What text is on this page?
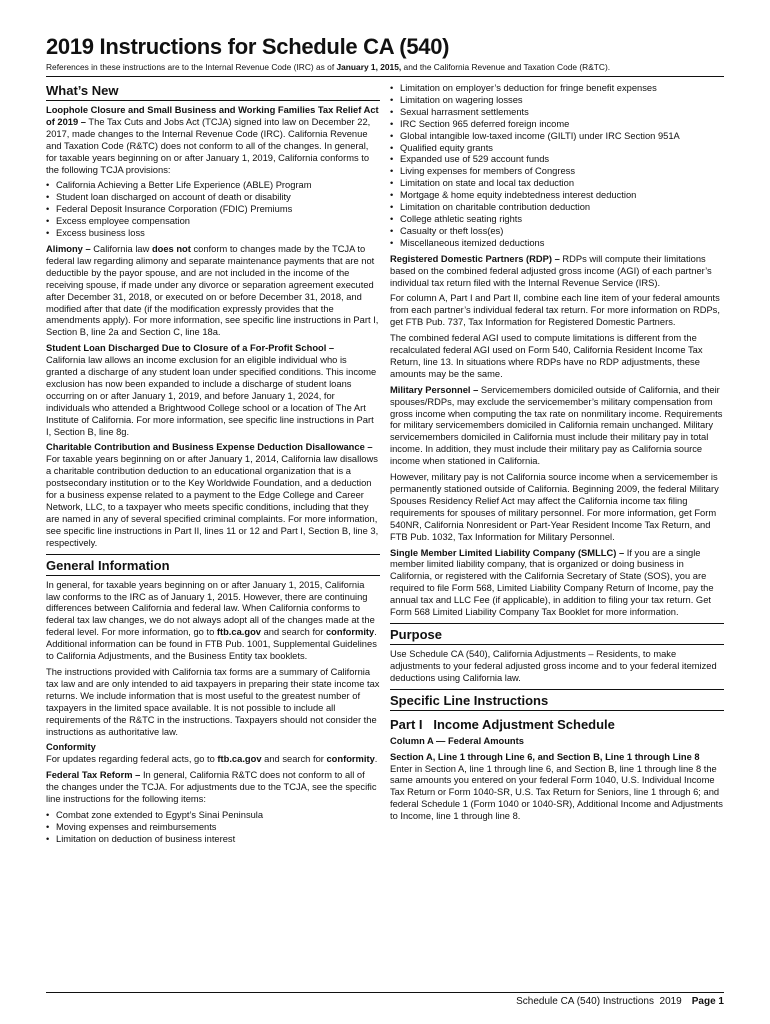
2019 Instructions for Schedule CA (540)
References in these instructions are to the Internal Revenue Code (IRC) as of January 1, 2015, and the California Revenue and Taxation Code (R&TC).
What’s New

Loophole Closure and Small Business and Working Families Tax Relief Act of 2019 – The Tax Cuts and Jobs Act (TCJA) signed into law on December 22, 2017, made changes to the Internal Revenue Code (IRC). California Revenue and Taxation Code (R&TC) does not conform to all of the changes. In general, for taxable years beginning on or after January 1, 2019, California conforms to the following TCJA provisions:

• California Achieving a Better Life Experience (ABLE) Program
• Student loan discharged on account of death or disability
• Federal Deposit Insurance Corporation (FDIC) Premiums
• Excess employee compensation
• Excess business loss

Alimony – California law does not conform to changes made by the TCJA to federal law regarding alimony and separate maintenance payments that are not deductible by the payor spouse, and are not included in the income of the receiving spouse, if made under any divorce or separation agreement executed after December 31, 2018, or executed on or before December 31, 2018, and modified after that date (if the modification expressly provides that the amendments apply). For more information, see specific line instructions in Part I, Section B, line 2a and Section C, line 18a.

Student Loan Discharged Due to Closure of a For-Profit School –
California law allows an income exclusion for an eligible individual who is granted a discharge of any student loan under specified conditions. This income exclusion has now been expanded to include a discharge of student loans occurring on or after January 1, 2019, and before January 1, 2024, for individuals who attended a Brightwood College school or a location of The Art Institute of California. For more information, see specific line instructions in Part I, Section B, line 8g.

Charitable Contribution and Business Expense Deduction Disallowance – For taxable years beginning on or after January 1, 2014, California law disallows a charitable contribution deduction to an educational organization that is a postsecondary institution or to the Key Worldwide Foundation, and a deduction for a business expense related to a payment to the Edge College and Career Network, LLC, to a taxpayer who meets specific conditions, including that they are named in any of several specified criminal complaints. For more information, see specific line instructions in Part II, lines 11 or 12 and Part I, Section B, line 3, respectively.

General Information

In general, for taxable years beginning on or after January 1, 2015, California law conforms to the IRC as of January 1, 2015. However, there are continuing differences between California and federal law. When California conforms to federal tax law changes, we do not always adopt all of the changes made at the federal level. For more information, go to ftb.ca.gov and search for conformity. Additional information can be found in FTB Pub. 1001, Supplemental Guidelines to California Adjustments, and the Business Entity tax booklets.

The instructions provided with California tax forms are a summary of California tax law and are only intended to aid taxpayers in preparing their state income tax returns. We include information that is most useful to the greatest number of taxpayers in the limited space available. It is not possible to include all requirements of the R&TC in the instructions. Taxpayers should not consider the instructions as authoritative law.

Conformity
For updates regarding federal acts, go to ftb.ca.gov and search for conformity.

Federal Tax Reform – In general, California R&TC does not conform to all of the changes under the TCJA. For adjustments due to the TCJA, see the specific line instructions for the following items:

• Combat zone extended to Egypt’s Sinai Peninsula
• Moving expenses and reimbursements
• Limitation on deduction of business interest
• Limitation on employer’s deduction for fringe benefit expenses
• Limitation on wagering losses
• Sexual harrasment settlements
• IRC Section 965 deferred foreign income
• Global intangible low-taxed income (GILTI) under IRC Section 951A
• Qualified equity grants
• Expanded use of 529 account funds
• Living expenses for members of Congress
• Limitation on state and local tax deduction
• Mortgage & home equity indebtedness interest deduction
• Limitation on charitable contribution deduction
• College athletic seating rights
• Casualty or theft loss(es)
• Miscellaneous itemized deductions

Registered Domestic Partners (RDP) – RDPs will compute their limitations based on the combined federal adjusted gross income (AGI) of each partner’s individual tax return filed with the Internal Revenue Service (IRS).

For column A, Part I and Part II, combine each line item of your federal amounts from each partner’s individual federal tax return. For more information on RDPs, get FTB Pub. 737, Tax Information for Registered Domestic Partners.

The combined federal AGI used to compute limitations is different from the recalculated federal AGI used on Form 540, California Resident Income Tax Return, line 13. In situations where RDPs have no RDP adjustments, these amounts may be the same.

Military Personnel – Servicemembers domiciled outside of California, and their spouses/RDPs, may exclude the servicemember’s military compensation from gross income when computing the tax rate on nonmilitary income. Requirements for military servicemembers domiciled in California remain unchanged. Military servicemembers domiciled in California must include their military pay in total income. In addition, they must include their military pay as California source income when stationed in California.

However, military pay is not California source income when a servicemember is permanently stationed outside of California. Beginning 2009, the federal Military Spouses Residency Relief Act may affect the California income tax filing requirements for spouses of military personnel. For more information, get Form 540NR, California Nonresident or Part-Year Resident Income Tax Return, and FTB Pub. 1032, Tax Information for Military Personnel.

Single Member Limited Liability Company (SMLLC) – If you are a single member limited liability company, that is organized or doing business in California, or registered with the California Secretary of State (SOS), you are required to file Form 568, Limited Liability Company Return of Income, pay the annual tax and LLC Fee (if applicable), in addition to filing your tax return. Get Form 568 Limited Liability Company Tax Booklet for more information.

Purpose

Use Schedule CA (540), California Adjustments – Residents, to make adjustments to your federal adjusted gross income and to your federal itemized deductions using California law.

Specific Line Instructions
Part I   Income Adjustment Schedule

Column A — Federal Amounts

Section A, Line 1 through Line 6, and Section B, Line 1 through Line 8
Enter in Section A, line 1 through line 6, and Section B, line 1 through line 8 the same amounts you entered on your federal Form 1040, U.S. Individual Income Tax Return or Form 1040-SR, U.S. Tax Return for Seniors, line 1 through 6; and federal Schedule 1 (Form 1040 or 1040-SR), Additional Income and Adjustments to Income, line 1 through line 8.

Schedule CA (540) Instructions  2019 Page 1
